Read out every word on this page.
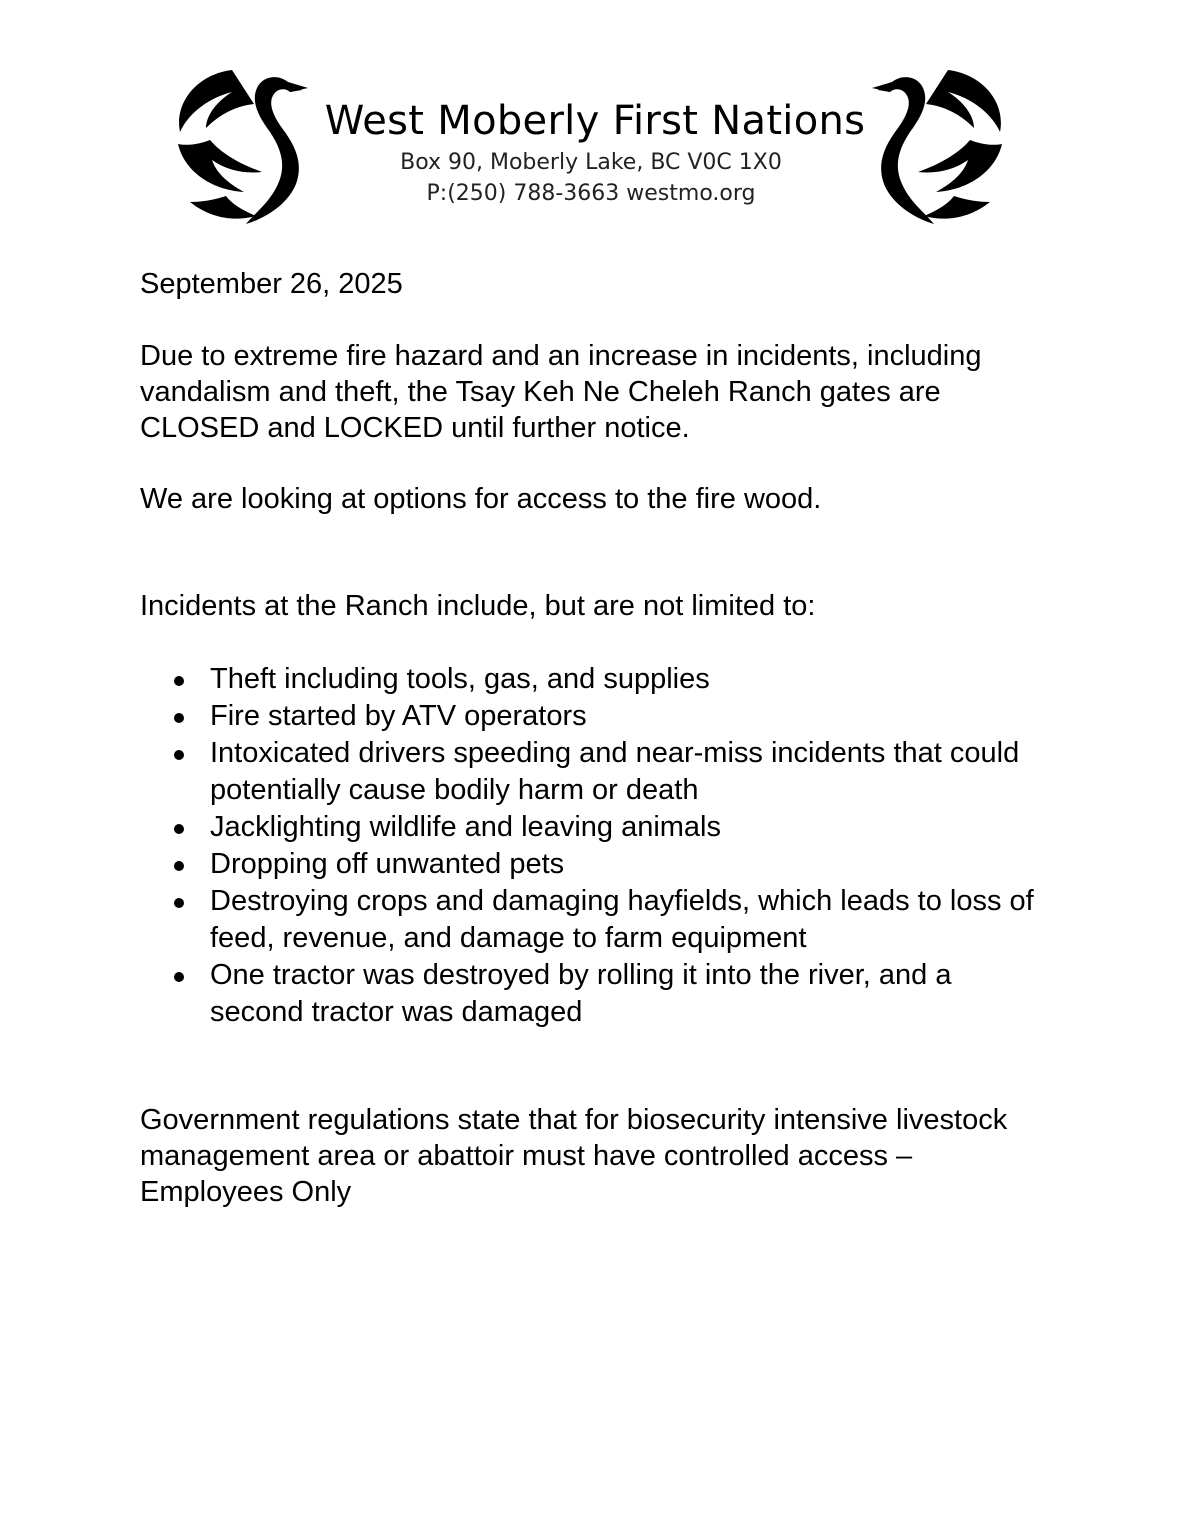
West Moberly First Nations
Box 90, Moberly Lake, BC V0C 1X0
P:(250) 788-3663 westmo.org
September 26, 2025
Due to extreme fire hazard and an increase in incidents, including vandalism and theft, the Tsay Keh Ne Cheleh Ranch gates are CLOSED and LOCKED until further notice.
We are looking at options for access to the fire wood.
Incidents at the Ranch include, but are not limited to:
Theft including tools, gas, and supplies
Fire started by ATV operators
Intoxicated drivers speeding and near-miss incidents that could potentially cause bodily harm or death
Jacklighting wildlife and leaving animals
Dropping off unwanted pets
Destroying crops and damaging hayfields, which leads to loss of feed, revenue, and damage to farm equipment
One tractor was destroyed by rolling it into the river, and a second tractor was damaged
Government regulations state that for biosecurity intensive livestock management area or abattoir must have controlled access – Employees Only
